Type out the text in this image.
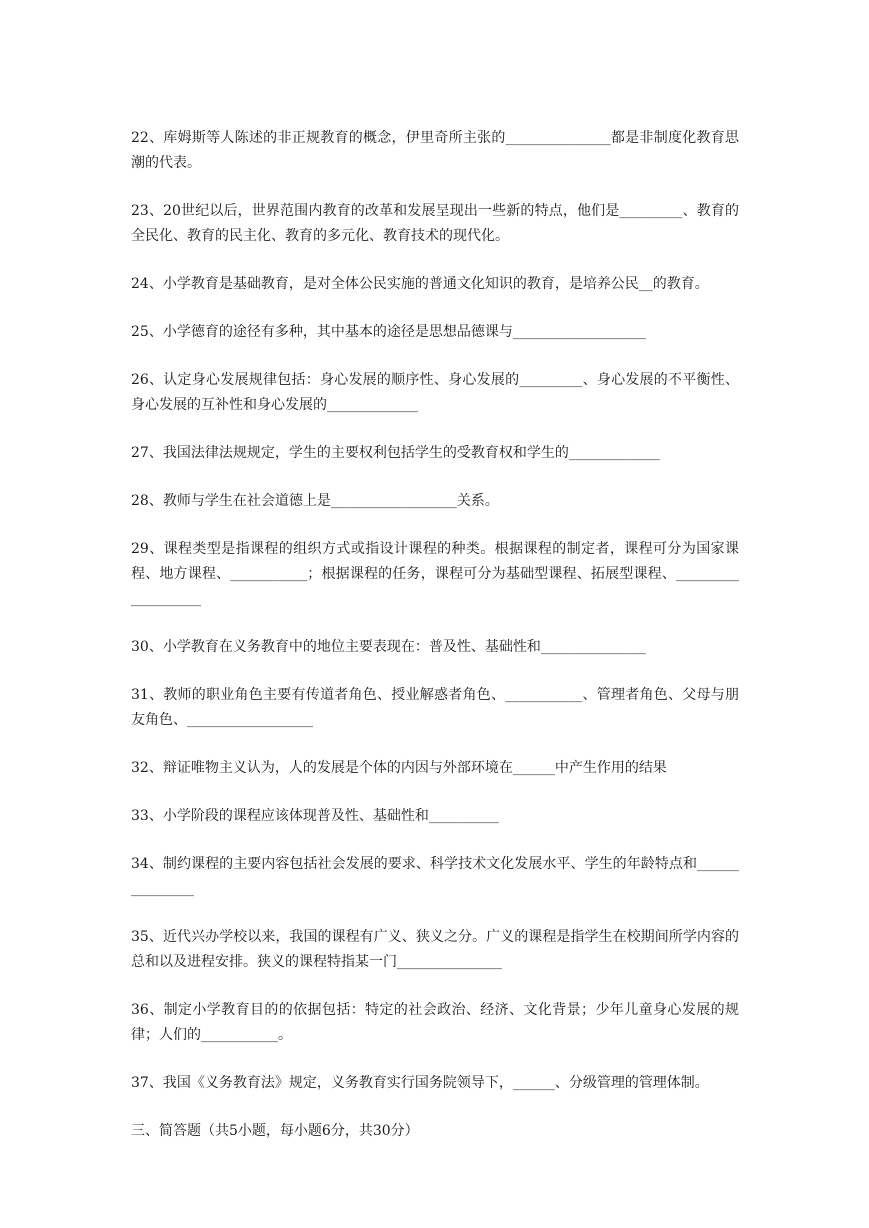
22、库姆斯等人陈述的非正规教育的概念，伊里奇所主张的_______________都是非制度化教育思潮的代表。

23、20世纪以后，世界范围内教育的改革和发展呈现出一些新的特点，他们是_________、教育的全民化、教育的民主化、教育的多元化、教育技术的现代化。

24、小学教育是基础教育，是对全体公民实施的普通文化知识的教育，是培养公民__的教育。

25、小学德育的途径有多种，其中基本的途径是思想品德课与___________________

26、认定身心发展规律包括：身心发展的顺序性、身心发展的_________、身心发展的不平衡性、身心发展的互补性和身心发展的_____________

27、我国法律法规规定，学生的主要权利包括学生的受教育权和学生的_____________

28、教师与学生在社会道德上是__________________关系。

29、课程类型是指课程的组织方式或指设计课程的种类。根据课程的制定者，课程可分为国家课程、地方课程、___________；根据课程的任务，课程可分为基础型课程、拓展型课程、___________________

30、小学教育在义务教育中的地位主要表现在：普及性、基础性和_______________

31、教师的职业角色主要有传道者角色、授业解惑者角色、___________、管理者角色、父母与朋友角色、__________________

32、辩证唯物主义认为，人的发展是个体的内因与外部环境在______中产生作用的结果

33、小学阶段的课程应该体现普及性、基础性和__________

34、制约课程的主要内容包括社会发展的要求、科学技术文化发展水平、学生的年龄特点和_______________

35、近代兴办学校以来，我国的课程有广义、狭义之分。广义的课程是指学生在校期间所学内容的总和以及进程安排。狭义的课程特指某一门_______________

36、制定小学教育目的的依据包括：特定的社会政治、经济、文化背景；少年儿童身心发展的规律；人们的___________。

37、我国《义务教育法》规定，义务教育实行国务院领导下，______、分级管理的管理体制。

三、简答题（共5小题，每小题6分，共30分）
